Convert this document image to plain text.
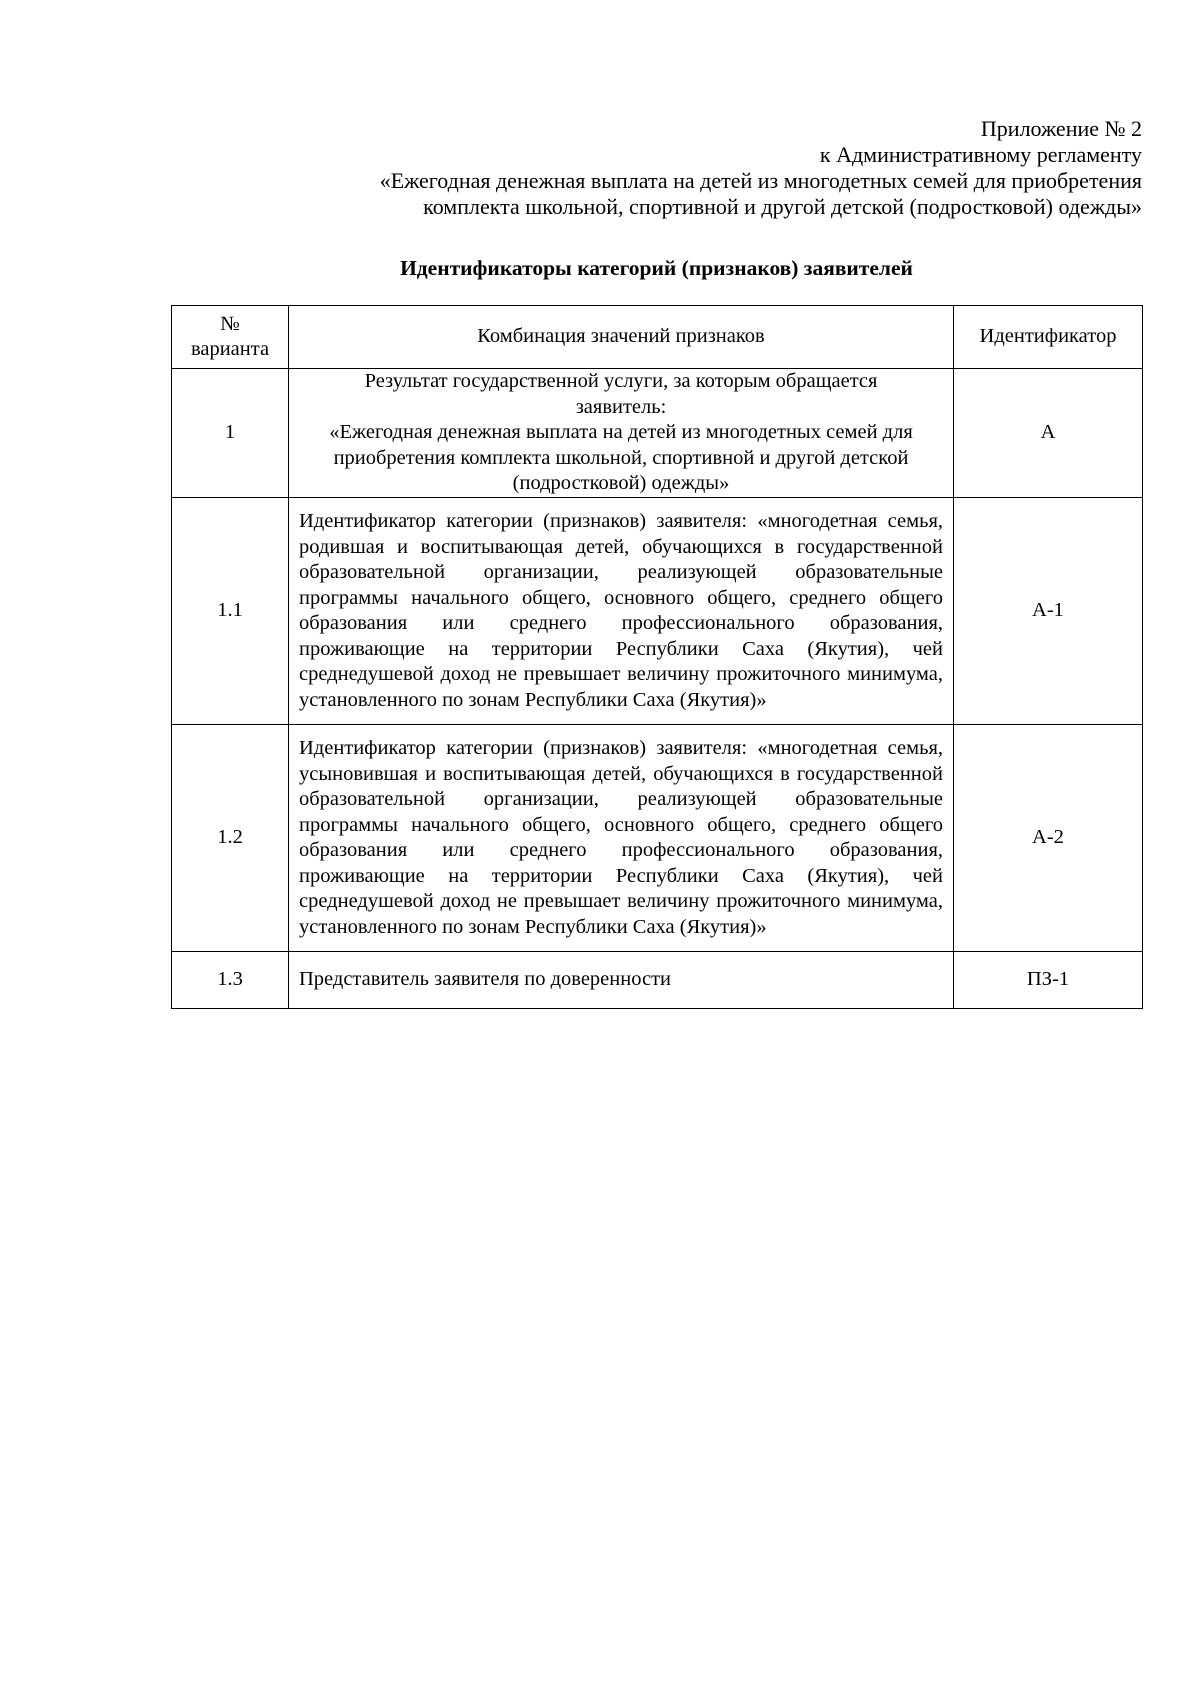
Приложение № 2
к Административному регламенту
«Ежегодная денежная выплата на детей из многодетных семей для приобретения
комплекта школьной, спортивной и другой детской (подростковой) одежды»
Идентификаторы категорий (признаков) заявителей
№
варианта	Комбинация значений признаков	Идентификатор
1	Результат государственной услуги, за которым обращается
заявитель:
«Ежегодная денежная выплата на детей из многодетных семей для приобретения комплекта школьной, спортивной и другой детской (подростковой) одежды»	А
1.1	Идентификатор категории (признаков) заявителя: «многодетная семья, родившая и воспитывающая детей, обучающихся в государственной образовательной организации, реализующей образовательные программы начального общего, основного общего, среднего общего образования или среднего профессионального образования, проживающие на территории Республики Саха (Якутия), чей среднедушевой доход не превышает величину прожиточного минимума, установленного по зонам Республики Саха (Якутия)»	А-1
1.2	Идентификатор категории (признаков) заявителя: «многодетная семья, усыновившая и воспитывающая детей, обучающихся в государственной образовательной организации, реализующей образовательные программы начального общего, основного общего, среднего общего образования или среднего профессионального образования, проживающие на территории Республики Саха (Якутия), чей среднедушевой доход не превышает величину прожиточного минимума, установленного по зонам Республики Саха (Якутия)»	А-2
1.3	Представитель заявителя по доверенности	ПЗ-1
